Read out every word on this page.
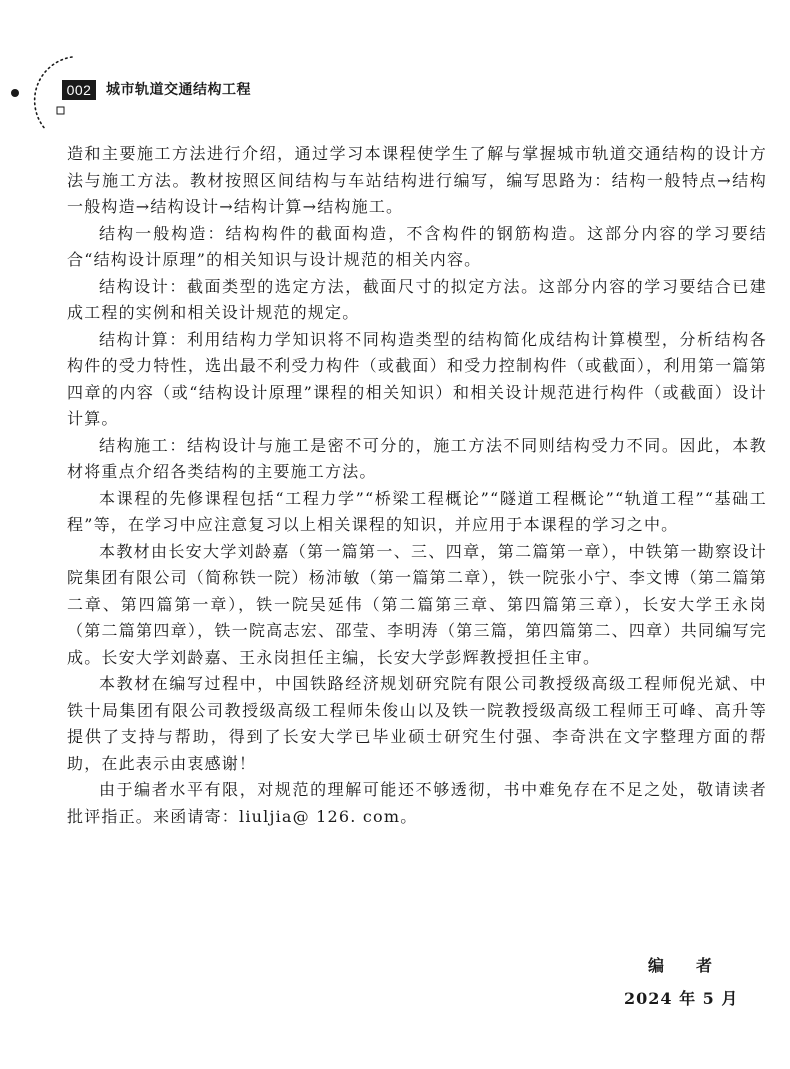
002	城市轨道交通结构工程

造和主要施工方法进行介绍，通过学习本课程使学生了解与掌握城市轨道交通结构的设计方法与施工方法。教材按照区间结构与车站结构进行编写，编写思路为：结构一般特点→结构一般构造→结构设计→结构计算→结构施工。

结构一般构造：结构构件的截面构造，不含构件的钢筋构造。这部分内容的学习要结合“结构设计原理”的相关知识与设计规范的相关内容。

结构设计：截面类型的选定方法，截面尺寸的拟定方法。这部分内容的学习要结合已建成工程的实例和相关设计规范的规定。

结构计算：利用结构力学知识将不同构造类型的结构简化成结构计算模型，分析结构各构件的受力特性，选出最不利受力构件（或截面）和受力控制构件（或截面），利用第一篇第四章的内容（或“结构设计原理”课程的相关知识）和相关设计规范进行构件（或截面）设计计算。

结构施工：结构设计与施工是密不可分的，施工方法不同则结构受力不同。因此，本教材将重点介绍各类结构的主要施工方法。

本课程的先修课程包括“工程力学”“桥梁工程概论”“隧道工程概论”“轨道工程”“基础工程”等，在学习中应注意复习以上相关课程的知识，并应用于本课程的学习之中。

本教材由长安大学刘龄嘉（第一篇第一、三、四章，第二篇第一章），中铁第一勘察设计院集团有限公司（简称铁一院）杨沛敏（第一篇第二章），铁一院张小宁、李文博（第二篇第二章、第四篇第一章），铁一院吴延伟（第二篇第三章、第四篇第三章），长安大学王永岗（第二篇第四章），铁一院高志宏、邵莹、李明涛（第三篇，第四篇第二、四章）共同编写完成。长安大学刘龄嘉、王永岗担任主编，长安大学彭辉教授担任主审。

本教材在编写过程中，中国铁路经济规划研究院有限公司教授级高级工程师倪光斌、中铁十局集团有限公司教授级高级工程师朱俊山以及铁一院教授级高级工程师王可峰、高升等提供了支持与帮助，得到了长安大学已毕业硕士研究生付强、李奇洪在文字整理方面的帮助，在此表示由衷感谢！

由于编者水平有限，对规范的理解可能还不够透彻，书中难免存在不足之处，敬请读者批评指正。来函请寄：liuljia@ 126. com。

编　者
2024 年 5 月
